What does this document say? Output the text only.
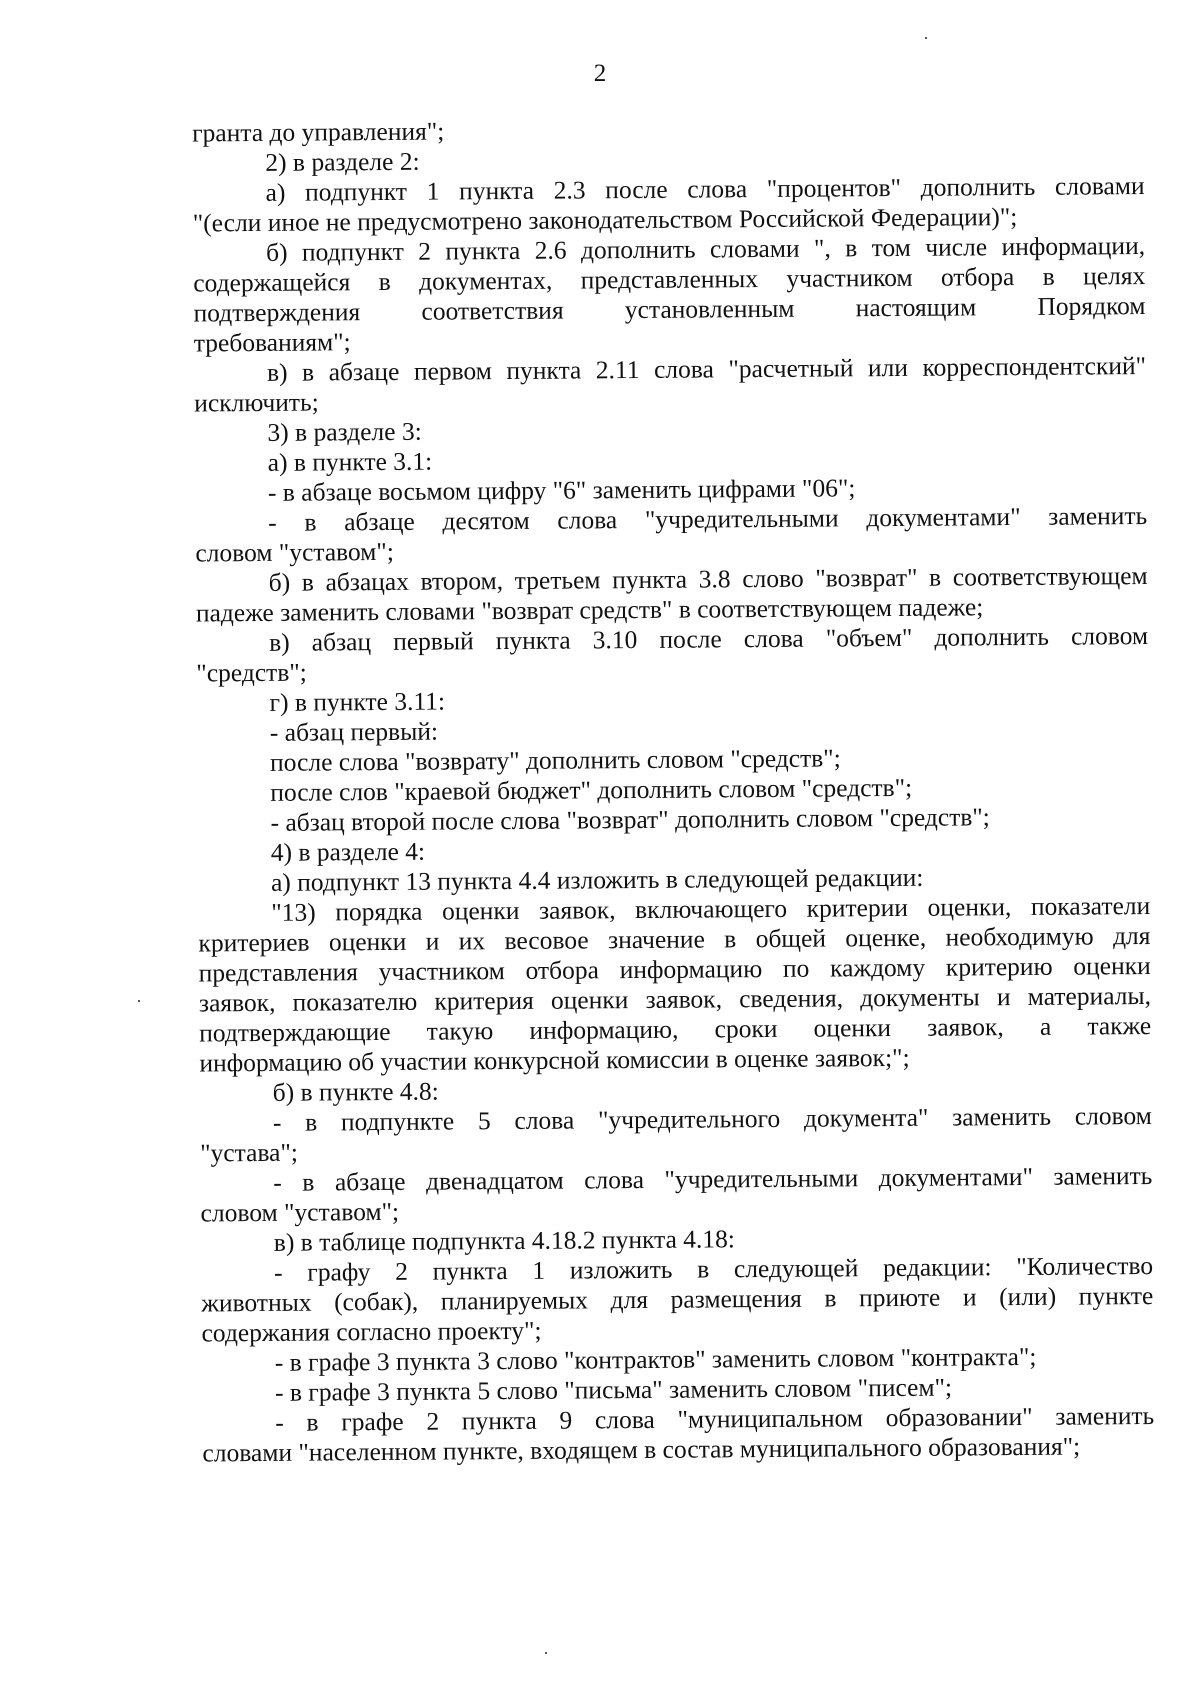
2
гранта до управления";
2) в разделе 2:
а) подпункт 1 пункта 2.3 после слова "процентов" дополнить словами
"(если иное не предусмотрено законодательством Российской Федерации)";
б) подпункт 2 пункта 2.6 дополнить словами ", в том числе информации,
содержащейся в документах, представленных участником отбора в целях
подтверждения соответствия установленным настоящим Порядком
требованиям";
в) в абзаце первом пункта 2.11 слова "расчетный или корреспондентский"
исключить;
3) в разделе 3:
а) в пункте 3.1:
- в абзаце восьмом цифру "6" заменить цифрами "06";
- в абзаце десятом слова "учредительными документами" заменить
словом "уставом";
б) в абзацах втором, третьем пункта 3.8 слово "возврат" в соответствующем
падеже заменить словами "возврат средств" в соответствующем падеже;
в) абзац первый пункта 3.10 после слова "объем" дополнить словом
"средств";
г) в пункте 3.11:
- абзац первый:
после слова "возврату" дополнить словом "средств";
после слов "краевой бюджет" дополнить словом "средств";
- абзац второй после слова "возврат" дополнить словом "средств";
4) в разделе 4:
а) подпункт 13 пункта 4.4 изложить в следующей редакции:
"13) порядка оценки заявок, включающего критерии оценки, показатели
критериев оценки и их весовое значение в общей оценке, необходимую для
представления участником отбора информацию по каждому критерию оценки
заявок, показателю критерия оценки заявок, сведения, документы и материалы,
подтверждающие такую информацию, сроки оценки заявок, а также
информацию об участии конкурсной комиссии в оценке заявок;";
б) в пункте 4.8:
- в подпункте 5 слова "учредительного документа" заменить словом
"устава";
- в абзаце двенадцатом слова "учредительными документами" заменить
словом "уставом";
в) в таблице подпункта 4.18.2 пункта 4.18:
- графу 2 пункта 1 изложить в следующей редакции: "Количество
животных (собак), планируемых для размещения в приюте и (или) пункте
содержания согласно проекту";
- в графе 3 пункта 3 слово "контрактов" заменить словом "контракта";
- в графе 3 пункта 5 слово "письма" заменить словом "писем";
- в графе 2 пункта 9 слова "муниципальном образовании" заменить
словами "населенном пункте, входящем в состав муниципального образования";
